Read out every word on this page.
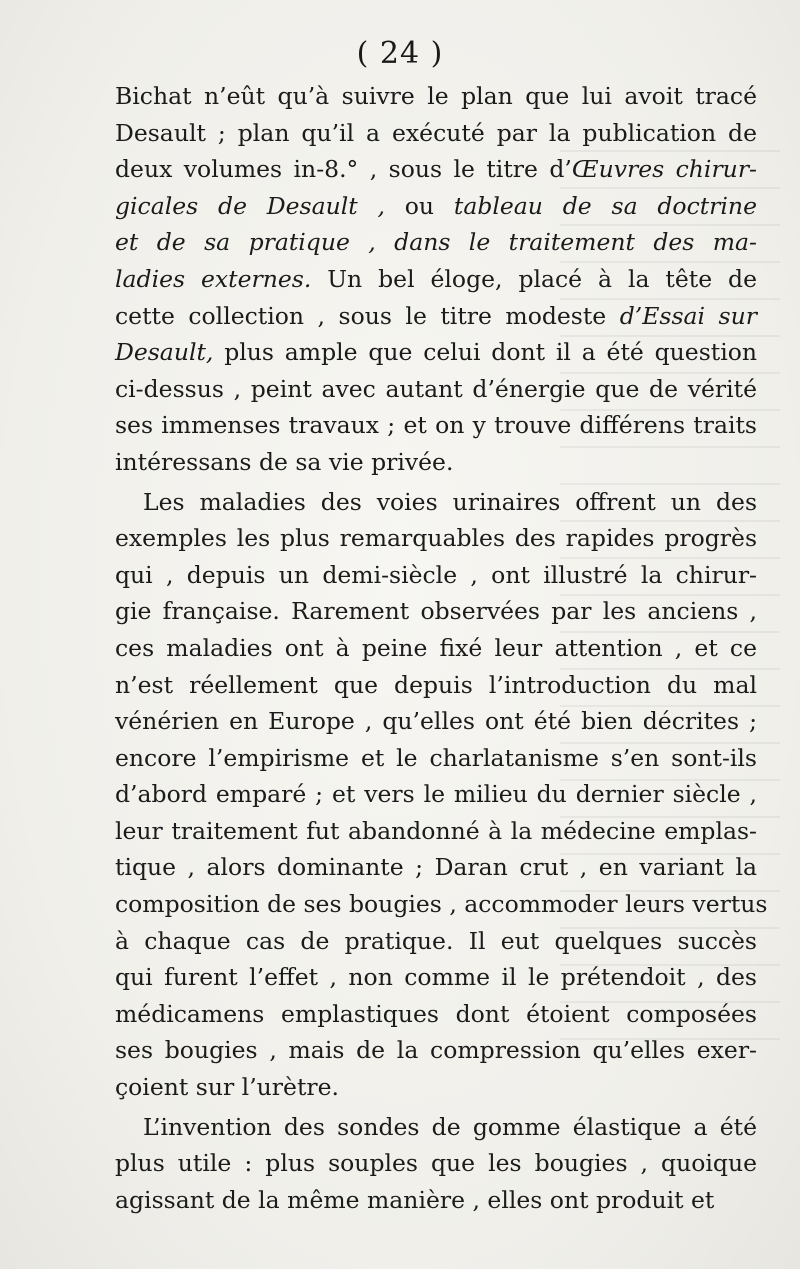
( 24 )
Bichat n’eût qu’à suivre le plan que lui avoit tracé
Desault ; plan qu’il a exécuté par la publication de
deux volumes in-8.° , sous le titre d’Œuvres chirur-
gicales de Desault , ou tableau de sa doctrine
et de sa pratique , dans le traitement des ma-
ladies externes. Un bel éloge, placé à la tête de
cette collection , sous le titre modeste d’Essai sur
Desault, plus ample que celui dont il a été question
ci-dessus , peint avec autant d’énergie que de vérité
ses immenses travaux ; et on y trouve différens traits
intéressans de sa vie privée.
Les maladies des voies urinaires offrent un des
exemples les plus remarquables des rapides progrès
qui , depuis un demi-siècle , ont illustré la chirur-
gie française. Rarement observées par les anciens ,
ces maladies ont à peine fixé leur attention , et ce
n’est réellement que depuis l’introduction du mal
vénérien en Europe , qu’elles ont été bien décrites ;
encore l’empirisme et le charlatanisme s’en sont-ils
d’abord emparé ; et vers le milieu du dernier siècle ,
leur traitement fut abandonné à la médecine emplas-
tique , alors dominante ; Daran crut , en variant la
composition de ses bougies , accommoder leurs vertus
à chaque cas de pratique. Il eut quelques succès
qui furent l’effet , non comme il le prétendoit , des
médicamens emplastiques dont étoient composées
ses bougies , mais de la compression qu’elles exer-
çoient sur l’urètre.
L’invention des sondes de gomme élastique a été
plus utile : plus souples que les bougies , quoique
agissant de la même manière , elles ont produit et
